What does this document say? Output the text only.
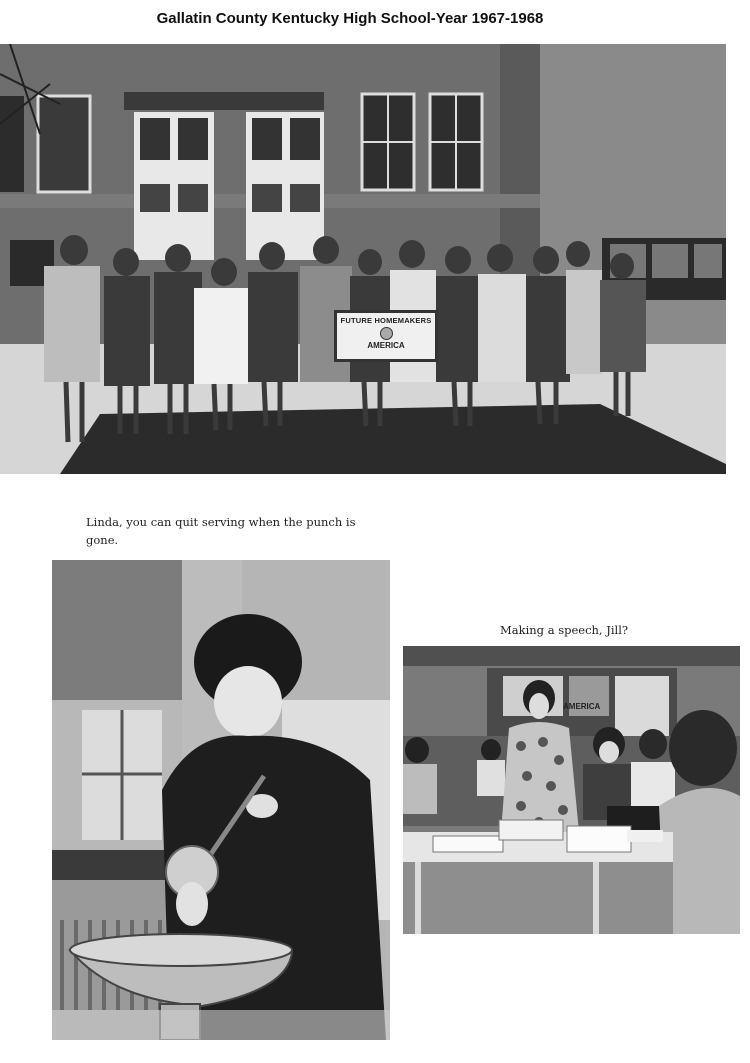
Gallatin County Kentucky High School-Year 1967-1968
FUTURE HOMEMAKERS
AMERICA
Linda, you can quit serving when the punch is gone.
Making a speech, Jill?
AMERICA
